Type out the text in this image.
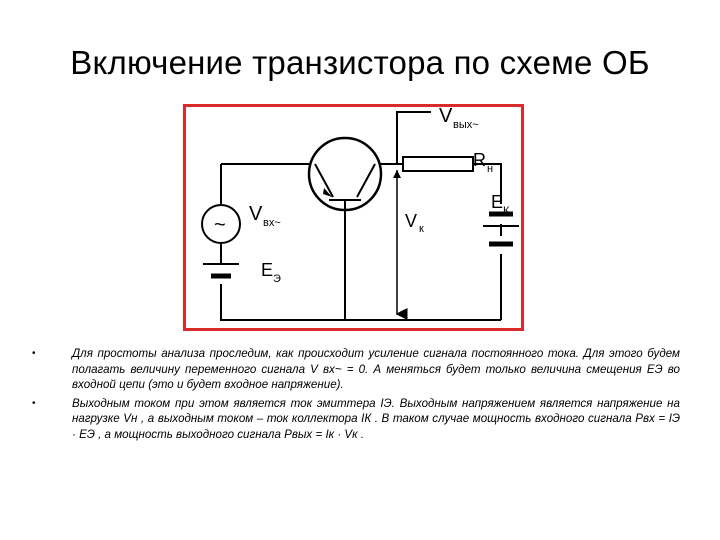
Включение транзистора по схеме ОБ
~
V вых~
R н
V к
E К
V вх~
E Э
•	Для простоты анализа проследим, как происходит усиление сигнала постоянного тока. Для этого будем полагать величину переменного сигнала V вх~ = 0. А меняться будет только величина смещения EЭ во входной цепи (это и будет входное напряжение).
•	Выходным током при этом является ток эмиттера IЭ. Выходным напряжением является напряжение на нагрузке Vн , а выходным током – ток коллектора IК . В таком случае мощность входного сигнала Pвх = IЭ · EЭ , а мощность выходного сигнала Pвых = Iк · Vк .
